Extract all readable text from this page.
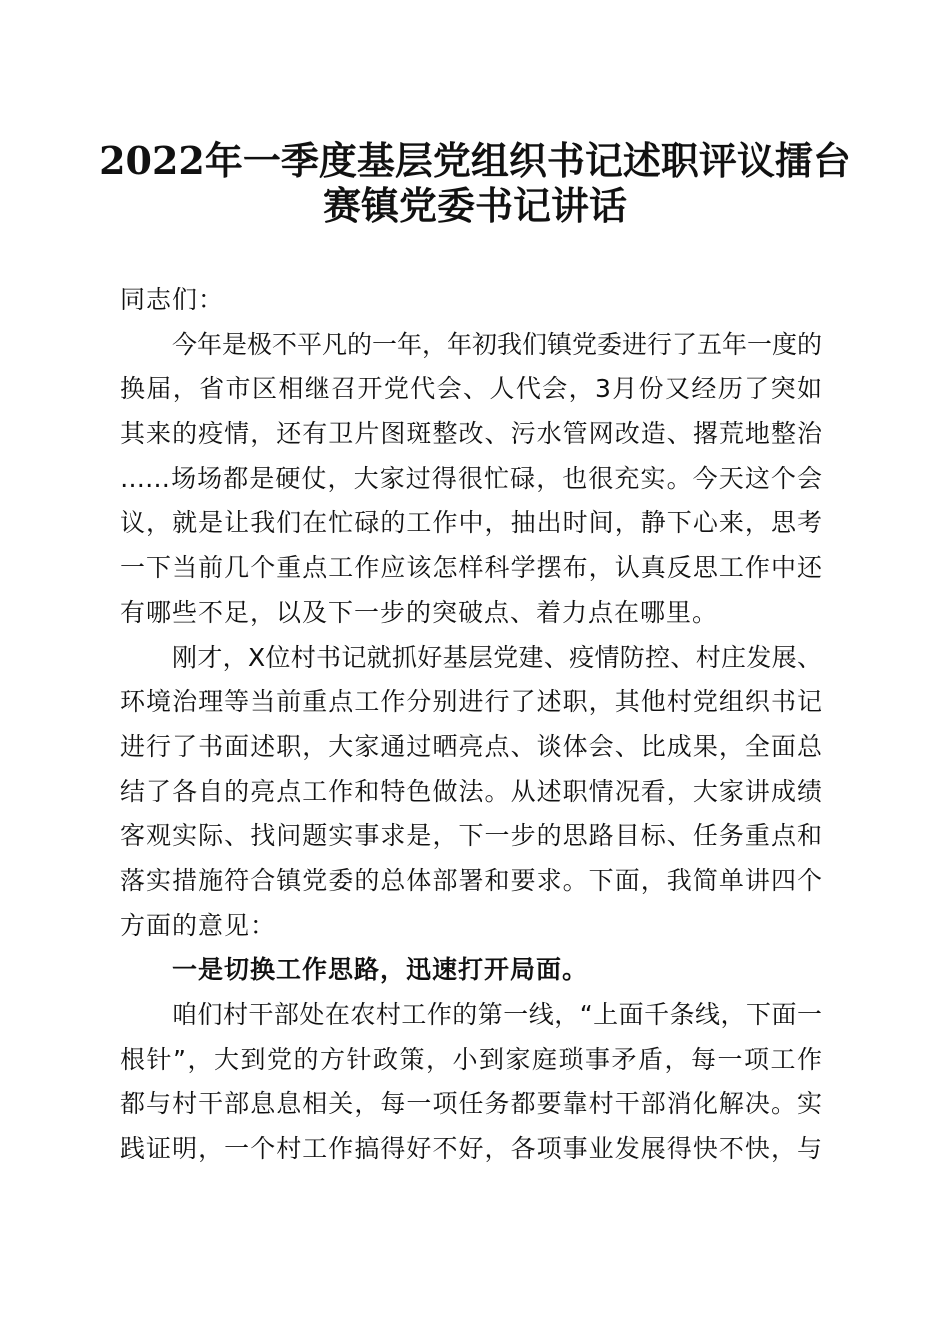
2022年一季度基层党组织书记述职评议擂台
赛镇党委书记讲话
同志们：
今年是极不平凡的一年，年初我们镇党委进行了五年一度的
换届，省市区相继召开党代会、人代会，3月份又经历了突如
其来的疫情，还有卫片图斑整改、污水管网改造、撂荒地整治
……场场都是硬仗，大家过得很忙碌，也很充实。今天这个会
议，就是让我们在忙碌的工作中，抽出时间，静下心来，思考
一下当前几个重点工作应该怎样科学摆布，认真反思工作中还
有哪些不足，以及下一步的突破点、着力点在哪里。
刚才，X位村书记就抓好基层党建、疫情防控、村庄发展、
环境治理等当前重点工作分别进行了述职，其他村党组织书记
进行了书面述职，大家通过晒亮点、谈体会、比成果，全面总
结了各自的亮点工作和特色做法。从述职情况看，大家讲成绩
客观实际、找问题实事求是，下一步的思路目标、任务重点和
落实措施符合镇党委的总体部署和要求。下面，我简单讲四个
方面的意见：
一是切换工作思路，迅速打开局面。
咱们村干部处在农村工作的第一线，“上面千条线，下面一
根针”，大到党的方针政策，小到家庭琐事矛盾，每一项工作
都与村干部息息相关，每一项任务都要靠村干部消化解决。实
践证明，一个村工作搞得好不好，各项事业发展得快不快，与
